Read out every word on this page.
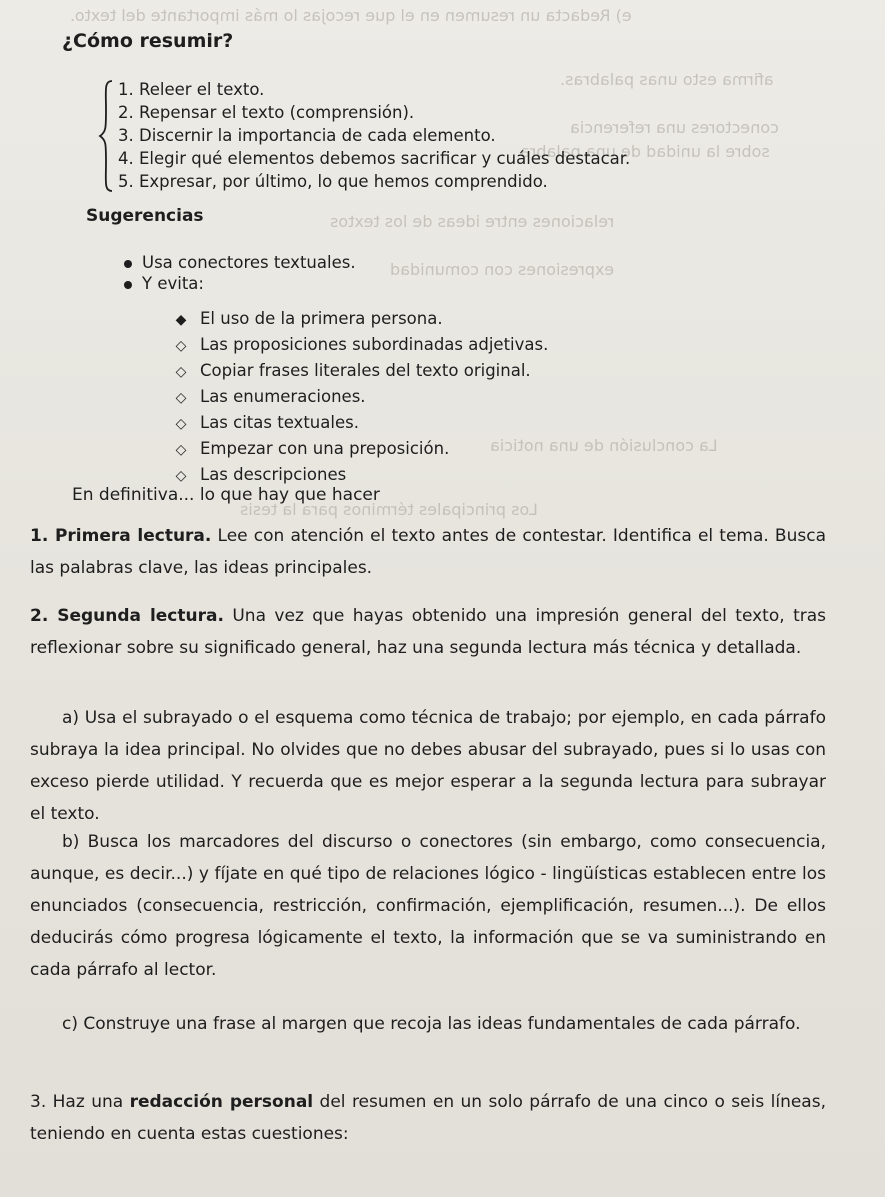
e) Redacta un resumen en el que recojas lo más importante del texto.
afirma esto unas palabras.
conectores una referencia
sobre la unidad de una palabra
relaciones entre ideas de los textos
expresiones con comunidad
Los principales términos para la tesis
La conclusión de una noticia
¿Cómo resumir?
1. Releer el texto.
2. Repensar el texto (comprensión).
3. Discernir la importancia de cada elemento.
4. Elegir qué elementos debemos sacrificar y cuáles destacar.
5. Expresar, por último, lo que hemos comprendido.
Sugerencias
Usa conectores textuales.
Y evita:
◆ El uso de la primera persona.
◇ Las proposiciones subordinadas adjetivas.
◇ Copiar frases literales del texto original.
◇ Las enumeraciones.
◇ Las citas textuales.
◇ Empezar con una preposición.
◇ Las descripciones
En definitiva... lo que hay que hacer
1. Primera lectura. Lee con atención el texto antes de contestar. Identifica el tema. Busca las palabras clave, las ideas principales.
2. Segunda lectura. Una vez que hayas obtenido una impresión general del texto, tras reflexionar sobre su significado general, haz una segunda lectura más técnica y detallada.
a) Usa el subrayado o el esquema como técnica de trabajo; por ejemplo, en cada párrafo subraya la idea principal. No olvides que no debes abusar del subrayado, pues si lo usas con exceso pierde utilidad. Y recuerda que es mejor esperar a la segunda lectura para subrayar el texto.
b) Busca los marcadores del discurso o conectores (sin embargo, como consecuencia, aunque, es decir...) y fíjate en qué tipo de relaciones lógico - lingüísticas establecen entre los enunciados (consecuencia, restricción, confirmación, ejemplificación, resumen...). De ellos deducirás cómo progresa lógicamente el texto, la información que se va suministrando en cada párrafo al lector.
c) Construye una frase al margen que recoja las ideas fundamentales de cada párrafo.
3. Haz una redacción personal del resumen en un solo párrafo de una cinco o seis líneas, teniendo en cuenta estas cuestiones:
